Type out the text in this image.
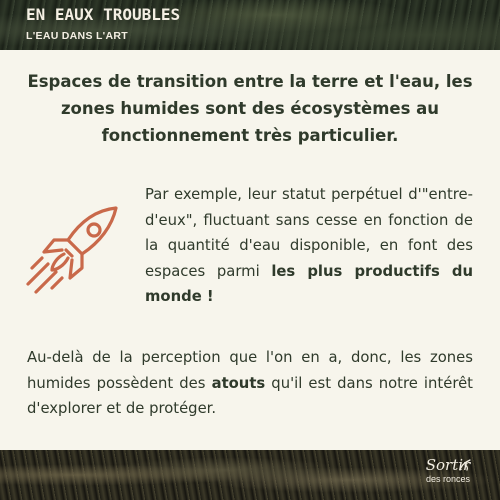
EN EAUX TROUBLES

L'EAU DANS L'ART

Espaces de transition entre la terre et l'eau, les zones humides sont des écosystèmes au fonctionnement très particulier.

Par exemple, leur statut perpétuel d'"entre-d'eux", fluctuant sans cesse en fonction de la quantité d'eau disponible, en font des espaces parmi les plus productifs du monde !

Au-delà de la perception que l'on en a, donc, les zones humides possèdent des atouts qu'il est dans notre intérêt d'explorer et de protéger.

Sortir
des ronces
